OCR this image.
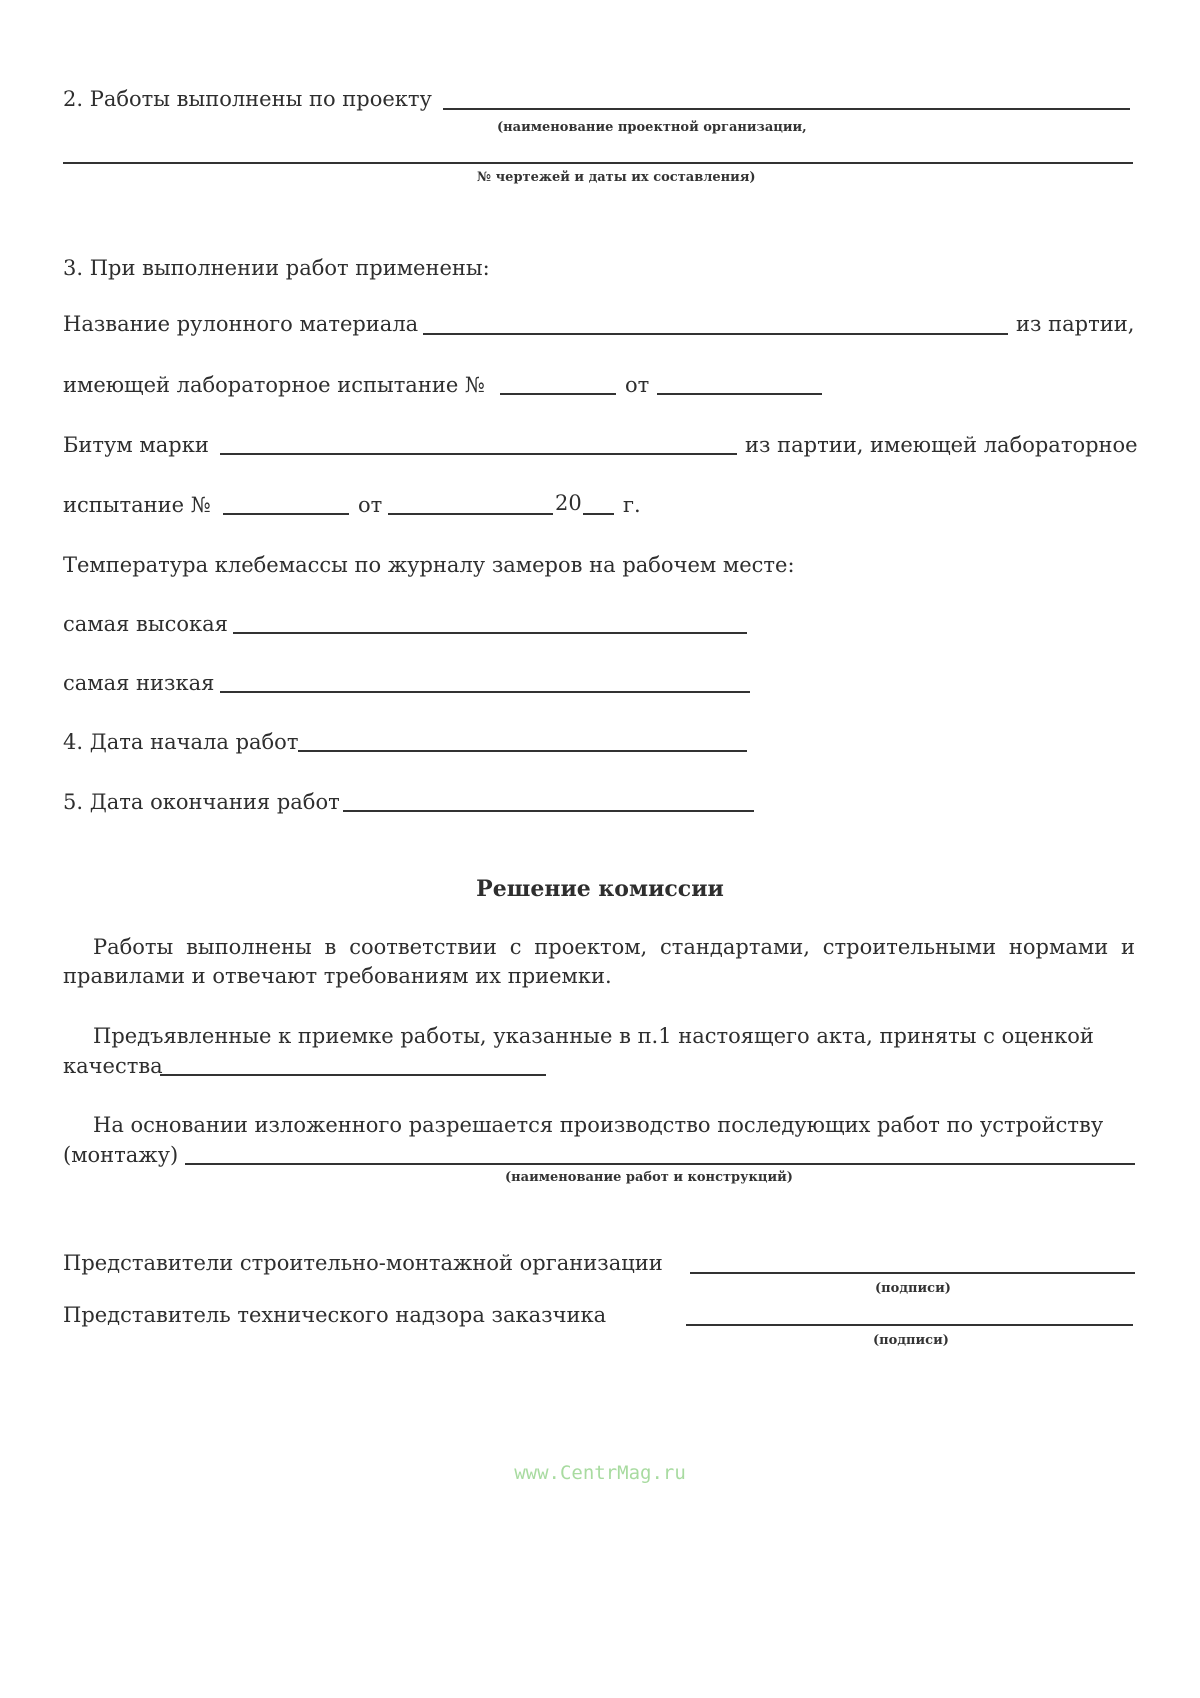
2. Работы выполнены по проекту
(наименование проектной организации,
№ чертежей и даты их составления)
3. При выполнении работ применены:
Название рулонного материала	из партии,
имеющей лабораторное испытание №	от
Битум марки	из партии, имеющей лабораторное
испытание №	от	20 г.
Температура клебемассы по журналу замеров на рабочем месте:
самая высокая
самая низкая
4. Дата начала работ
5. Дата окончания работ
Решение комиссии
Работы выполнены в соответствии с проектом, стандартами, строительными нормами и правилами и отвечают требованиям их приемки.
Предъявленные к приемке работы, указанные в п.1 настоящего акта, приняты с оценкой
качества
На основании изложенного разрешается производство последующих работ по устройству
(монтажу)
(наименование работ и конструкций)
Представители строительно-монтажной организации
(подписи)
Представитель технического надзора заказчика
(подписи)
www.CentrMag.ru
